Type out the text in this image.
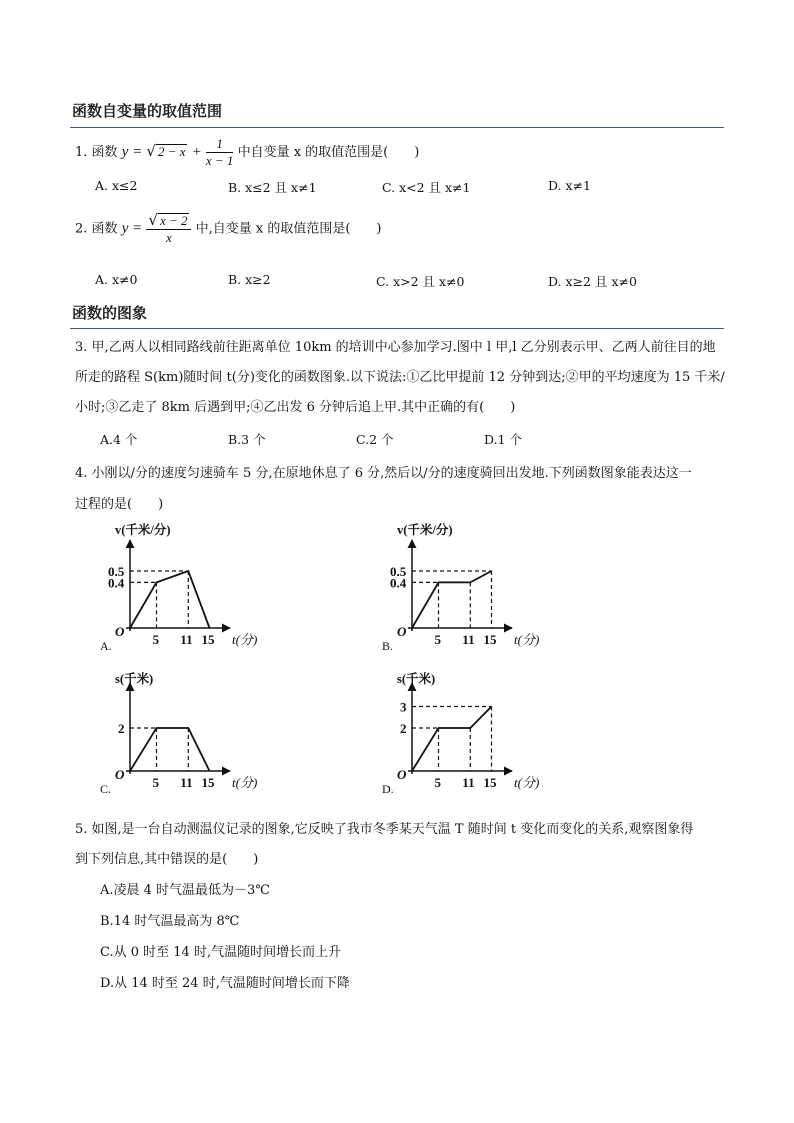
函数自变量的取值范围
1. 函数 y = √ $2 - x + \frac{1}{x - 1}$ 中自变量 x 的取值范围是(　　)
A. x≤2	B. x≤2 且 x≠1	C. x<2 且 x≠1	D. x≠1
2. 函数 $y = \frac{√ x - 2}{x}$ 中,自变量 x 的取值范围是(　　)
A. x≠0	B. x≥2	C. x>2 且 x≠0	D. x≥2 且 x≠0
函数的图象
3. 甲,乙两人以相同路线前往距离单位 10km 的培训中心参加学习.图中 l 甲,l 乙分别表示甲、乙两人前往目的地所走的路程 S(km)随时间 t(分)变化的函数图象.以下说法:①乙比甲提前 12 分钟到达;②甲的平均速度为 15 千米/小时;③乙走了 8km 后遇到甲;④乙出发 6 分钟后追上甲.其中正确的有(　　)
A.4 个	B.3 个	C.2 个	D.1 个
4. 小刚以/分的速度匀速骑车 5 分,在原地休息了 6 分,然后以/分的速度骑回出发地.下列函数图象能表达这一
过程的是(　　)
O
5 11 15
0.5
0.4
t(分)
v(千米/分)
A.
O
5 11 15
0.5
0.4
t(分)
v(千米/分)
B.
O
5 11 15
2
t(分)
s(千米)
C.
O
5 11 15
3
2
t(分)
s(千米)
D.
5. 如图,是一台自动测温仪记录的图象,它反映了我市冬季某天气温 T 随时间 t 变化而变化的关系,观察图象得
到下列信息,其中错误的是(　　)
A.凌晨 4 时气温最低为－3℃
B.14 时气温最高为 8℃
C.从 0 时至 14 时,气温随时间增长而上升
D.从 14 时至 24 时,气温随时间增长而下降
